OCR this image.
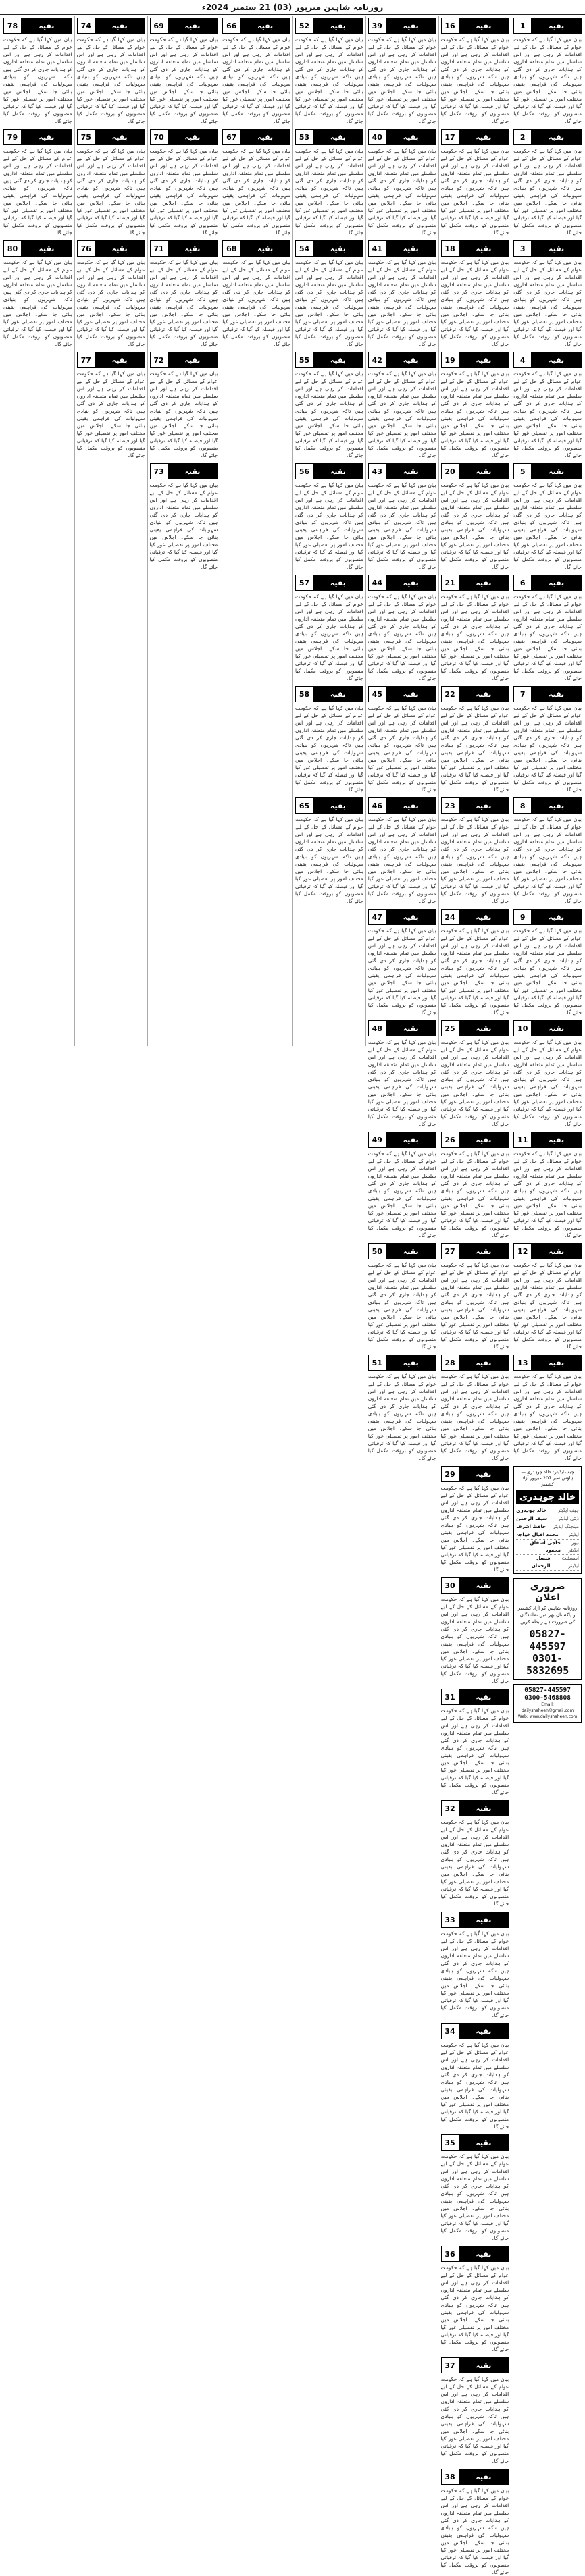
روزنامہ شاہین میرپور (03) 21 ستمبر 2024ء
1	بقیہ
بیان میں کہا گیا ہے کہ حکومت عوام کے مسائل کے حل کے لیے اقدامات کر رہی ہے اور اس سلسلے میں تمام متعلقہ اداروں کو ہدایات جاری کر دی گئی ہیں تاکہ شہریوں کو بنیادی سہولیات کی فراہمی یقینی بنائی جا سکے۔ اجلاس میں مختلف امور پر تفصیلی غور کیا گیا اور فیصلہ کیا گیا کہ ترقیاتی منصوبوں کو بروقت مکمل کیا جائے گا۔
2	بقیہ
بیان میں کہا گیا ہے کہ حکومت عوام کے مسائل کے حل کے لیے اقدامات کر رہی ہے اور اس سلسلے میں تمام متعلقہ اداروں کو ہدایات جاری کر دی گئی ہیں تاکہ شہریوں کو بنیادی سہولیات کی فراہمی یقینی بنائی جا سکے۔ اجلاس میں مختلف امور پر تفصیلی غور کیا گیا اور فیصلہ کیا گیا کہ ترقیاتی منصوبوں کو بروقت مکمل کیا جائے گا۔
3	بقیہ
بیان میں کہا گیا ہے کہ حکومت عوام کے مسائل کے حل کے لیے اقدامات کر رہی ہے اور اس سلسلے میں تمام متعلقہ اداروں کو ہدایات جاری کر دی گئی ہیں تاکہ شہریوں کو بنیادی سہولیات کی فراہمی یقینی بنائی جا سکے۔ اجلاس میں مختلف امور پر تفصیلی غور کیا گیا اور فیصلہ کیا گیا کہ ترقیاتی منصوبوں کو بروقت مکمل کیا جائے گا۔
4	بقیہ
بیان میں کہا گیا ہے کہ حکومت عوام کے مسائل کے حل کے لیے اقدامات کر رہی ہے اور اس سلسلے میں تمام متعلقہ اداروں کو ہدایات جاری کر دی گئی ہیں تاکہ شہریوں کو بنیادی سہولیات کی فراہمی یقینی بنائی جا سکے۔ اجلاس میں مختلف امور پر تفصیلی غور کیا گیا اور فیصلہ کیا گیا کہ ترقیاتی منصوبوں کو بروقت مکمل کیا جائے گا۔
5	بقیہ
بیان میں کہا گیا ہے کہ حکومت عوام کے مسائل کے حل کے لیے اقدامات کر رہی ہے اور اس سلسلے میں تمام متعلقہ اداروں کو ہدایات جاری کر دی گئی ہیں تاکہ شہریوں کو بنیادی سہولیات کی فراہمی یقینی بنائی جا سکے۔ اجلاس میں مختلف امور پر تفصیلی غور کیا گیا اور فیصلہ کیا گیا کہ ترقیاتی منصوبوں کو بروقت مکمل کیا جائے گا۔
6	بقیہ
بیان میں کہا گیا ہے کہ حکومت عوام کے مسائل کے حل کے لیے اقدامات کر رہی ہے اور اس سلسلے میں تمام متعلقہ اداروں کو ہدایات جاری کر دی گئی ہیں تاکہ شہریوں کو بنیادی سہولیات کی فراہمی یقینی بنائی جا سکے۔ اجلاس میں مختلف امور پر تفصیلی غور کیا گیا اور فیصلہ کیا گیا کہ ترقیاتی منصوبوں کو بروقت مکمل کیا جائے گا۔
7	بقیہ
بیان میں کہا گیا ہے کہ حکومت عوام کے مسائل کے حل کے لیے اقدامات کر رہی ہے اور اس سلسلے میں تمام متعلقہ اداروں کو ہدایات جاری کر دی گئی ہیں تاکہ شہریوں کو بنیادی سہولیات کی فراہمی یقینی بنائی جا سکے۔ اجلاس میں مختلف امور پر تفصیلی غور کیا گیا اور فیصلہ کیا گیا کہ ترقیاتی منصوبوں کو بروقت مکمل کیا جائے گا۔
8	بقیہ
بیان میں کہا گیا ہے کہ حکومت عوام کے مسائل کے حل کے لیے اقدامات کر رہی ہے اور اس سلسلے میں تمام متعلقہ اداروں کو ہدایات جاری کر دی گئی ہیں تاکہ شہریوں کو بنیادی سہولیات کی فراہمی یقینی بنائی جا سکے۔ اجلاس میں مختلف امور پر تفصیلی غور کیا گیا اور فیصلہ کیا گیا کہ ترقیاتی منصوبوں کو بروقت مکمل کیا جائے گا۔
9	بقیہ
بیان میں کہا گیا ہے کہ حکومت عوام کے مسائل کے حل کے لیے اقدامات کر رہی ہے اور اس سلسلے میں تمام متعلقہ اداروں کو ہدایات جاری کر دی گئی ہیں تاکہ شہریوں کو بنیادی سہولیات کی فراہمی یقینی بنائی جا سکے۔ اجلاس میں مختلف امور پر تفصیلی غور کیا گیا اور فیصلہ کیا گیا کہ ترقیاتی منصوبوں کو بروقت مکمل کیا جائے گا۔
10	بقیہ
بیان میں کہا گیا ہے کہ حکومت عوام کے مسائل کے حل کے لیے اقدامات کر رہی ہے اور اس سلسلے میں تمام متعلقہ اداروں کو ہدایات جاری کر دی گئی ہیں تاکہ شہریوں کو بنیادی سہولیات کی فراہمی یقینی بنائی جا سکے۔ اجلاس میں مختلف امور پر تفصیلی غور کیا گیا اور فیصلہ کیا گیا کہ ترقیاتی منصوبوں کو بروقت مکمل کیا جائے گا۔
11	بقیہ
بیان میں کہا گیا ہے کہ حکومت عوام کے مسائل کے حل کے لیے اقدامات کر رہی ہے اور اس سلسلے میں تمام متعلقہ اداروں کو ہدایات جاری کر دی گئی ہیں تاکہ شہریوں کو بنیادی سہولیات کی فراہمی یقینی بنائی جا سکے۔ اجلاس میں مختلف امور پر تفصیلی غور کیا گیا اور فیصلہ کیا گیا کہ ترقیاتی منصوبوں کو بروقت مکمل کیا جائے گا۔
12	بقیہ
بیان میں کہا گیا ہے کہ حکومت عوام کے مسائل کے حل کے لیے اقدامات کر رہی ہے اور اس سلسلے میں تمام متعلقہ اداروں کو ہدایات جاری کر دی گئی ہیں تاکہ شہریوں کو بنیادی سہولیات کی فراہمی یقینی بنائی جا سکے۔ اجلاس میں مختلف امور پر تفصیلی غور کیا گیا اور فیصلہ کیا گیا کہ ترقیاتی منصوبوں کو بروقت مکمل کیا جائے گا۔
13	بقیہ
بیان میں کہا گیا ہے کہ حکومت عوام کے مسائل کے حل کے لیے اقدامات کر رہی ہے اور اس سلسلے میں تمام متعلقہ اداروں کو ہدایات جاری کر دی گئی ہیں تاکہ شہریوں کو بنیادی سہولیات کی فراہمی یقینی بنائی جا سکے۔ اجلاس میں مختلف امور پر تفصیلی غور کیا گیا اور فیصلہ کیا گیا کہ ترقیاتی منصوبوں کو بروقت مکمل کیا جائے گا۔
چیف ایڈیٹر: خالد چوہدری — ہاؤس نمبر 207 میرپور آزاد کشمیر
خالد چوہدری
چیف ایڈیٹر
خالد چوہدری
ڈپٹی ایڈیٹر
سیف الرحمن
مینجنگ ایڈیٹر
حافظ اشرف
ایڈیٹر
محمد اقبال خواجہ
نیوز ایڈیٹر
حاجی اشفاق محمود
اسسٹنٹ ایڈیٹر
فیصل الرحمان
ضروری اعلان
روزنامہ شاہین کو آزاد کشمیر و پاکستان بھر میں نمائندگان کی ضرورت ہے رابطہ کریں
05827-445597
0301-5832695
05827-445597
0300-5468808
Email: dailyshaheen@gmail.com
Web: www.dailyshaheen.com
16	بقیہ
بیان میں کہا گیا ہے کہ حکومت عوام کے مسائل کے حل کے لیے اقدامات کر رہی ہے اور اس سلسلے میں تمام متعلقہ اداروں کو ہدایات جاری کر دی گئی ہیں تاکہ شہریوں کو بنیادی سہولیات کی فراہمی یقینی بنائی جا سکے۔ اجلاس میں مختلف امور پر تفصیلی غور کیا گیا اور فیصلہ کیا گیا کہ ترقیاتی منصوبوں کو بروقت مکمل کیا جائے گا۔
17	بقیہ
بیان میں کہا گیا ہے کہ حکومت عوام کے مسائل کے حل کے لیے اقدامات کر رہی ہے اور اس سلسلے میں تمام متعلقہ اداروں کو ہدایات جاری کر دی گئی ہیں تاکہ شہریوں کو بنیادی سہولیات کی فراہمی یقینی بنائی جا سکے۔ اجلاس میں مختلف امور پر تفصیلی غور کیا گیا اور فیصلہ کیا گیا کہ ترقیاتی منصوبوں کو بروقت مکمل کیا جائے گا۔
18	بقیہ
بیان میں کہا گیا ہے کہ حکومت عوام کے مسائل کے حل کے لیے اقدامات کر رہی ہے اور اس سلسلے میں تمام متعلقہ اداروں کو ہدایات جاری کر دی گئی ہیں تاکہ شہریوں کو بنیادی سہولیات کی فراہمی یقینی بنائی جا سکے۔ اجلاس میں مختلف امور پر تفصیلی غور کیا گیا اور فیصلہ کیا گیا کہ ترقیاتی منصوبوں کو بروقت مکمل کیا جائے گا۔
19	بقیہ
بیان میں کہا گیا ہے کہ حکومت عوام کے مسائل کے حل کے لیے اقدامات کر رہی ہے اور اس سلسلے میں تمام متعلقہ اداروں کو ہدایات جاری کر دی گئی ہیں تاکہ شہریوں کو بنیادی سہولیات کی فراہمی یقینی بنائی جا سکے۔ اجلاس میں مختلف امور پر تفصیلی غور کیا گیا اور فیصلہ کیا گیا کہ ترقیاتی منصوبوں کو بروقت مکمل کیا جائے گا۔
20	بقیہ
بیان میں کہا گیا ہے کہ حکومت عوام کے مسائل کے حل کے لیے اقدامات کر رہی ہے اور اس سلسلے میں تمام متعلقہ اداروں کو ہدایات جاری کر دی گئی ہیں تاکہ شہریوں کو بنیادی سہولیات کی فراہمی یقینی بنائی جا سکے۔ اجلاس میں مختلف امور پر تفصیلی غور کیا گیا اور فیصلہ کیا گیا کہ ترقیاتی منصوبوں کو بروقت مکمل کیا جائے گا۔
21	بقیہ
بیان میں کہا گیا ہے کہ حکومت عوام کے مسائل کے حل کے لیے اقدامات کر رہی ہے اور اس سلسلے میں تمام متعلقہ اداروں کو ہدایات جاری کر دی گئی ہیں تاکہ شہریوں کو بنیادی سہولیات کی فراہمی یقینی بنائی جا سکے۔ اجلاس میں مختلف امور پر تفصیلی غور کیا گیا اور فیصلہ کیا گیا کہ ترقیاتی منصوبوں کو بروقت مکمل کیا جائے گا۔
22	بقیہ
بیان میں کہا گیا ہے کہ حکومت عوام کے مسائل کے حل کے لیے اقدامات کر رہی ہے اور اس سلسلے میں تمام متعلقہ اداروں کو ہدایات جاری کر دی گئی ہیں تاکہ شہریوں کو بنیادی سہولیات کی فراہمی یقینی بنائی جا سکے۔ اجلاس میں مختلف امور پر تفصیلی غور کیا گیا اور فیصلہ کیا گیا کہ ترقیاتی منصوبوں کو بروقت مکمل کیا جائے گا۔
23	بقیہ
بیان میں کہا گیا ہے کہ حکومت عوام کے مسائل کے حل کے لیے اقدامات کر رہی ہے اور اس سلسلے میں تمام متعلقہ اداروں کو ہدایات جاری کر دی گئی ہیں تاکہ شہریوں کو بنیادی سہولیات کی فراہمی یقینی بنائی جا سکے۔ اجلاس میں مختلف امور پر تفصیلی غور کیا گیا اور فیصلہ کیا گیا کہ ترقیاتی منصوبوں کو بروقت مکمل کیا جائے گا۔
24	بقیہ
بیان میں کہا گیا ہے کہ حکومت عوام کے مسائل کے حل کے لیے اقدامات کر رہی ہے اور اس سلسلے میں تمام متعلقہ اداروں کو ہدایات جاری کر دی گئی ہیں تاکہ شہریوں کو بنیادی سہولیات کی فراہمی یقینی بنائی جا سکے۔ اجلاس میں مختلف امور پر تفصیلی غور کیا گیا اور فیصلہ کیا گیا کہ ترقیاتی منصوبوں کو بروقت مکمل کیا جائے گا۔
25	بقیہ
بیان میں کہا گیا ہے کہ حکومت عوام کے مسائل کے حل کے لیے اقدامات کر رہی ہے اور اس سلسلے میں تمام متعلقہ اداروں کو ہدایات جاری کر دی گئی ہیں تاکہ شہریوں کو بنیادی سہولیات کی فراہمی یقینی بنائی جا سکے۔ اجلاس میں مختلف امور پر تفصیلی غور کیا گیا اور فیصلہ کیا گیا کہ ترقیاتی منصوبوں کو بروقت مکمل کیا جائے گا۔
26	بقیہ
بیان میں کہا گیا ہے کہ حکومت عوام کے مسائل کے حل کے لیے اقدامات کر رہی ہے اور اس سلسلے میں تمام متعلقہ اداروں کو ہدایات جاری کر دی گئی ہیں تاکہ شہریوں کو بنیادی سہولیات کی فراہمی یقینی بنائی جا سکے۔ اجلاس میں مختلف امور پر تفصیلی غور کیا گیا اور فیصلہ کیا گیا کہ ترقیاتی منصوبوں کو بروقت مکمل کیا جائے گا۔
27	بقیہ
بیان میں کہا گیا ہے کہ حکومت عوام کے مسائل کے حل کے لیے اقدامات کر رہی ہے اور اس سلسلے میں تمام متعلقہ اداروں کو ہدایات جاری کر دی گئی ہیں تاکہ شہریوں کو بنیادی سہولیات کی فراہمی یقینی بنائی جا سکے۔ اجلاس میں مختلف امور پر تفصیلی غور کیا گیا اور فیصلہ کیا گیا کہ ترقیاتی منصوبوں کو بروقت مکمل کیا جائے گا۔
28	بقیہ
بیان میں کہا گیا ہے کہ حکومت عوام کے مسائل کے حل کے لیے اقدامات کر رہی ہے اور اس سلسلے میں تمام متعلقہ اداروں کو ہدایات جاری کر دی گئی ہیں تاکہ شہریوں کو بنیادی سہولیات کی فراہمی یقینی بنائی جا سکے۔ اجلاس میں مختلف امور پر تفصیلی غور کیا گیا اور فیصلہ کیا گیا کہ ترقیاتی منصوبوں کو بروقت مکمل کیا جائے گا۔
29	بقیہ
بیان میں کہا گیا ہے کہ حکومت عوام کے مسائل کے حل کے لیے اقدامات کر رہی ہے اور اس سلسلے میں تمام متعلقہ اداروں کو ہدایات جاری کر دی گئی ہیں تاکہ شہریوں کو بنیادی سہولیات کی فراہمی یقینی بنائی جا سکے۔ اجلاس میں مختلف امور پر تفصیلی غور کیا گیا اور فیصلہ کیا گیا کہ ترقیاتی منصوبوں کو بروقت مکمل کیا جائے گا۔
30	بقیہ
بیان میں کہا گیا ہے کہ حکومت عوام کے مسائل کے حل کے لیے اقدامات کر رہی ہے اور اس سلسلے میں تمام متعلقہ اداروں کو ہدایات جاری کر دی گئی ہیں تاکہ شہریوں کو بنیادی سہولیات کی فراہمی یقینی بنائی جا سکے۔ اجلاس میں مختلف امور پر تفصیلی غور کیا گیا اور فیصلہ کیا گیا کہ ترقیاتی منصوبوں کو بروقت مکمل کیا جائے گا۔
31	بقیہ
بیان میں کہا گیا ہے کہ حکومت عوام کے مسائل کے حل کے لیے اقدامات کر رہی ہے اور اس سلسلے میں تمام متعلقہ اداروں کو ہدایات جاری کر دی گئی ہیں تاکہ شہریوں کو بنیادی سہولیات کی فراہمی یقینی بنائی جا سکے۔ اجلاس میں مختلف امور پر تفصیلی غور کیا گیا اور فیصلہ کیا گیا کہ ترقیاتی منصوبوں کو بروقت مکمل کیا جائے گا۔
32	بقیہ
بیان میں کہا گیا ہے کہ حکومت عوام کے مسائل کے حل کے لیے اقدامات کر رہی ہے اور اس سلسلے میں تمام متعلقہ اداروں کو ہدایات جاری کر دی گئی ہیں تاکہ شہریوں کو بنیادی سہولیات کی فراہمی یقینی بنائی جا سکے۔ اجلاس میں مختلف امور پر تفصیلی غور کیا گیا اور فیصلہ کیا گیا کہ ترقیاتی منصوبوں کو بروقت مکمل کیا جائے گا۔
33	بقیہ
بیان میں کہا گیا ہے کہ حکومت عوام کے مسائل کے حل کے لیے اقدامات کر رہی ہے اور اس سلسلے میں تمام متعلقہ اداروں کو ہدایات جاری کر دی گئی ہیں تاکہ شہریوں کو بنیادی سہولیات کی فراہمی یقینی بنائی جا سکے۔ اجلاس میں مختلف امور پر تفصیلی غور کیا گیا اور فیصلہ کیا گیا کہ ترقیاتی منصوبوں کو بروقت مکمل کیا جائے گا۔
34	بقیہ
بیان میں کہا گیا ہے کہ حکومت عوام کے مسائل کے حل کے لیے اقدامات کر رہی ہے اور اس سلسلے میں تمام متعلقہ اداروں کو ہدایات جاری کر دی گئی ہیں تاکہ شہریوں کو بنیادی سہولیات کی فراہمی یقینی بنائی جا سکے۔ اجلاس میں مختلف امور پر تفصیلی غور کیا گیا اور فیصلہ کیا گیا کہ ترقیاتی منصوبوں کو بروقت مکمل کیا جائے گا۔
35	بقیہ
بیان میں کہا گیا ہے کہ حکومت عوام کے مسائل کے حل کے لیے اقدامات کر رہی ہے اور اس سلسلے میں تمام متعلقہ اداروں کو ہدایات جاری کر دی گئی ہیں تاکہ شہریوں کو بنیادی سہولیات کی فراہمی یقینی بنائی جا سکے۔ اجلاس میں مختلف امور پر تفصیلی غور کیا گیا اور فیصلہ کیا گیا کہ ترقیاتی منصوبوں کو بروقت مکمل کیا جائے گا۔
36	بقیہ
بیان میں کہا گیا ہے کہ حکومت عوام کے مسائل کے حل کے لیے اقدامات کر رہی ہے اور اس سلسلے میں تمام متعلقہ اداروں کو ہدایات جاری کر دی گئی ہیں تاکہ شہریوں کو بنیادی سہولیات کی فراہمی یقینی بنائی جا سکے۔ اجلاس میں مختلف امور پر تفصیلی غور کیا گیا اور فیصلہ کیا گیا کہ ترقیاتی منصوبوں کو بروقت مکمل کیا جائے گا۔
37	بقیہ
بیان میں کہا گیا ہے کہ حکومت عوام کے مسائل کے حل کے لیے اقدامات کر رہی ہے اور اس سلسلے میں تمام متعلقہ اداروں کو ہدایات جاری کر دی گئی ہیں تاکہ شہریوں کو بنیادی سہولیات کی فراہمی یقینی بنائی جا سکے۔ اجلاس میں مختلف امور پر تفصیلی غور کیا گیا اور فیصلہ کیا گیا کہ ترقیاتی منصوبوں کو بروقت مکمل کیا جائے گا۔
38	بقیہ
بیان میں کہا گیا ہے کہ حکومت عوام کے مسائل کے حل کے لیے اقدامات کر رہی ہے اور اس سلسلے میں تمام متعلقہ اداروں کو ہدایات جاری کر دی گئی ہیں تاکہ شہریوں کو بنیادی سہولیات کی فراہمی یقینی بنائی جا سکے۔ اجلاس میں مختلف امور پر تفصیلی غور کیا گیا اور فیصلہ کیا گیا کہ ترقیاتی منصوبوں کو بروقت مکمل کیا جائے گا۔
39	بقیہ
بیان میں کہا گیا ہے کہ حکومت عوام کے مسائل کے حل کے لیے اقدامات کر رہی ہے اور اس سلسلے میں تمام متعلقہ اداروں کو ہدایات جاری کر دی گئی ہیں تاکہ شہریوں کو بنیادی سہولیات کی فراہمی یقینی بنائی جا سکے۔ اجلاس میں مختلف امور پر تفصیلی غور کیا گیا اور فیصلہ کیا گیا کہ ترقیاتی منصوبوں کو بروقت مکمل کیا جائے گا۔
40	بقیہ
بیان میں کہا گیا ہے کہ حکومت عوام کے مسائل کے حل کے لیے اقدامات کر رہی ہے اور اس سلسلے میں تمام متعلقہ اداروں کو ہدایات جاری کر دی گئی ہیں تاکہ شہریوں کو بنیادی سہولیات کی فراہمی یقینی بنائی جا سکے۔ اجلاس میں مختلف امور پر تفصیلی غور کیا گیا اور فیصلہ کیا گیا کہ ترقیاتی منصوبوں کو بروقت مکمل کیا جائے گا۔
41	بقیہ
بیان میں کہا گیا ہے کہ حکومت عوام کے مسائل کے حل کے لیے اقدامات کر رہی ہے اور اس سلسلے میں تمام متعلقہ اداروں کو ہدایات جاری کر دی گئی ہیں تاکہ شہریوں کو بنیادی سہولیات کی فراہمی یقینی بنائی جا سکے۔ اجلاس میں مختلف امور پر تفصیلی غور کیا گیا اور فیصلہ کیا گیا کہ ترقیاتی منصوبوں کو بروقت مکمل کیا جائے گا۔
42	بقیہ
بیان میں کہا گیا ہے کہ حکومت عوام کے مسائل کے حل کے لیے اقدامات کر رہی ہے اور اس سلسلے میں تمام متعلقہ اداروں کو ہدایات جاری کر دی گئی ہیں تاکہ شہریوں کو بنیادی سہولیات کی فراہمی یقینی بنائی جا سکے۔ اجلاس میں مختلف امور پر تفصیلی غور کیا گیا اور فیصلہ کیا گیا کہ ترقیاتی منصوبوں کو بروقت مکمل کیا جائے گا۔
43	بقیہ
بیان میں کہا گیا ہے کہ حکومت عوام کے مسائل کے حل کے لیے اقدامات کر رہی ہے اور اس سلسلے میں تمام متعلقہ اداروں کو ہدایات جاری کر دی گئی ہیں تاکہ شہریوں کو بنیادی سہولیات کی فراہمی یقینی بنائی جا سکے۔ اجلاس میں مختلف امور پر تفصیلی غور کیا گیا اور فیصلہ کیا گیا کہ ترقیاتی منصوبوں کو بروقت مکمل کیا جائے گا۔
44	بقیہ
بیان میں کہا گیا ہے کہ حکومت عوام کے مسائل کے حل کے لیے اقدامات کر رہی ہے اور اس سلسلے میں تمام متعلقہ اداروں کو ہدایات جاری کر دی گئی ہیں تاکہ شہریوں کو بنیادی سہولیات کی فراہمی یقینی بنائی جا سکے۔ اجلاس میں مختلف امور پر تفصیلی غور کیا گیا اور فیصلہ کیا گیا کہ ترقیاتی منصوبوں کو بروقت مکمل کیا جائے گا۔
45	بقیہ
بیان میں کہا گیا ہے کہ حکومت عوام کے مسائل کے حل کے لیے اقدامات کر رہی ہے اور اس سلسلے میں تمام متعلقہ اداروں کو ہدایات جاری کر دی گئی ہیں تاکہ شہریوں کو بنیادی سہولیات کی فراہمی یقینی بنائی جا سکے۔ اجلاس میں مختلف امور پر تفصیلی غور کیا گیا اور فیصلہ کیا گیا کہ ترقیاتی منصوبوں کو بروقت مکمل کیا جائے گا۔
46	بقیہ
بیان میں کہا گیا ہے کہ حکومت عوام کے مسائل کے حل کے لیے اقدامات کر رہی ہے اور اس سلسلے میں تمام متعلقہ اداروں کو ہدایات جاری کر دی گئی ہیں تاکہ شہریوں کو بنیادی سہولیات کی فراہمی یقینی بنائی جا سکے۔ اجلاس میں مختلف امور پر تفصیلی غور کیا گیا اور فیصلہ کیا گیا کہ ترقیاتی منصوبوں کو بروقت مکمل کیا جائے گا۔
47	بقیہ
بیان میں کہا گیا ہے کہ حکومت عوام کے مسائل کے حل کے لیے اقدامات کر رہی ہے اور اس سلسلے میں تمام متعلقہ اداروں کو ہدایات جاری کر دی گئی ہیں تاکہ شہریوں کو بنیادی سہولیات کی فراہمی یقینی بنائی جا سکے۔ اجلاس میں مختلف امور پر تفصیلی غور کیا گیا اور فیصلہ کیا گیا کہ ترقیاتی منصوبوں کو بروقت مکمل کیا جائے گا۔
48	بقیہ
بیان میں کہا گیا ہے کہ حکومت عوام کے مسائل کے حل کے لیے اقدامات کر رہی ہے اور اس سلسلے میں تمام متعلقہ اداروں کو ہدایات جاری کر دی گئی ہیں تاکہ شہریوں کو بنیادی سہولیات کی فراہمی یقینی بنائی جا سکے۔ اجلاس میں مختلف امور پر تفصیلی غور کیا گیا اور فیصلہ کیا گیا کہ ترقیاتی منصوبوں کو بروقت مکمل کیا جائے گا۔
49	بقیہ
بیان میں کہا گیا ہے کہ حکومت عوام کے مسائل کے حل کے لیے اقدامات کر رہی ہے اور اس سلسلے میں تمام متعلقہ اداروں کو ہدایات جاری کر دی گئی ہیں تاکہ شہریوں کو بنیادی سہولیات کی فراہمی یقینی بنائی جا سکے۔ اجلاس میں مختلف امور پر تفصیلی غور کیا گیا اور فیصلہ کیا گیا کہ ترقیاتی منصوبوں کو بروقت مکمل کیا جائے گا۔
50	بقیہ
بیان میں کہا گیا ہے کہ حکومت عوام کے مسائل کے حل کے لیے اقدامات کر رہی ہے اور اس سلسلے میں تمام متعلقہ اداروں کو ہدایات جاری کر دی گئی ہیں تاکہ شہریوں کو بنیادی سہولیات کی فراہمی یقینی بنائی جا سکے۔ اجلاس میں مختلف امور پر تفصیلی غور کیا گیا اور فیصلہ کیا گیا کہ ترقیاتی منصوبوں کو بروقت مکمل کیا جائے گا۔
51	بقیہ
بیان میں کہا گیا ہے کہ حکومت عوام کے مسائل کے حل کے لیے اقدامات کر رہی ہے اور اس سلسلے میں تمام متعلقہ اداروں کو ہدایات جاری کر دی گئی ہیں تاکہ شہریوں کو بنیادی سہولیات کی فراہمی یقینی بنائی جا سکے۔ اجلاس میں مختلف امور پر تفصیلی غور کیا گیا اور فیصلہ کیا گیا کہ ترقیاتی منصوبوں کو بروقت مکمل کیا جائے گا۔
52	بقیہ
بیان میں کہا گیا ہے کہ حکومت عوام کے مسائل کے حل کے لیے اقدامات کر رہی ہے اور اس سلسلے میں تمام متعلقہ اداروں کو ہدایات جاری کر دی گئی ہیں تاکہ شہریوں کو بنیادی سہولیات کی فراہمی یقینی بنائی جا سکے۔ اجلاس میں مختلف امور پر تفصیلی غور کیا گیا اور فیصلہ کیا گیا کہ ترقیاتی منصوبوں کو بروقت مکمل کیا جائے گا۔
53	بقیہ
بیان میں کہا گیا ہے کہ حکومت عوام کے مسائل کے حل کے لیے اقدامات کر رہی ہے اور اس سلسلے میں تمام متعلقہ اداروں کو ہدایات جاری کر دی گئی ہیں تاکہ شہریوں کو بنیادی سہولیات کی فراہمی یقینی بنائی جا سکے۔ اجلاس میں مختلف امور پر تفصیلی غور کیا گیا اور فیصلہ کیا گیا کہ ترقیاتی منصوبوں کو بروقت مکمل کیا جائے گا۔
54	بقیہ
بیان میں کہا گیا ہے کہ حکومت عوام کے مسائل کے حل کے لیے اقدامات کر رہی ہے اور اس سلسلے میں تمام متعلقہ اداروں کو ہدایات جاری کر دی گئی ہیں تاکہ شہریوں کو بنیادی سہولیات کی فراہمی یقینی بنائی جا سکے۔ اجلاس میں مختلف امور پر تفصیلی غور کیا گیا اور فیصلہ کیا گیا کہ ترقیاتی منصوبوں کو بروقت مکمل کیا جائے گا۔
55	بقیہ
بیان میں کہا گیا ہے کہ حکومت عوام کے مسائل کے حل کے لیے اقدامات کر رہی ہے اور اس سلسلے میں تمام متعلقہ اداروں کو ہدایات جاری کر دی گئی ہیں تاکہ شہریوں کو بنیادی سہولیات کی فراہمی یقینی بنائی جا سکے۔ اجلاس میں مختلف امور پر تفصیلی غور کیا گیا اور فیصلہ کیا گیا کہ ترقیاتی منصوبوں کو بروقت مکمل کیا جائے گا۔
56	بقیہ
بیان میں کہا گیا ہے کہ حکومت عوام کے مسائل کے حل کے لیے اقدامات کر رہی ہے اور اس سلسلے میں تمام متعلقہ اداروں کو ہدایات جاری کر دی گئی ہیں تاکہ شہریوں کو بنیادی سہولیات کی فراہمی یقینی بنائی جا سکے۔ اجلاس میں مختلف امور پر تفصیلی غور کیا گیا اور فیصلہ کیا گیا کہ ترقیاتی منصوبوں کو بروقت مکمل کیا جائے گا۔
57	بقیہ
بیان میں کہا گیا ہے کہ حکومت عوام کے مسائل کے حل کے لیے اقدامات کر رہی ہے اور اس سلسلے میں تمام متعلقہ اداروں کو ہدایات جاری کر دی گئی ہیں تاکہ شہریوں کو بنیادی سہولیات کی فراہمی یقینی بنائی جا سکے۔ اجلاس میں مختلف امور پر تفصیلی غور کیا گیا اور فیصلہ کیا گیا کہ ترقیاتی منصوبوں کو بروقت مکمل کیا جائے گا۔
58	بقیہ
بیان میں کہا گیا ہے کہ حکومت عوام کے مسائل کے حل کے لیے اقدامات کر رہی ہے اور اس سلسلے میں تمام متعلقہ اداروں کو ہدایات جاری کر دی گئی ہیں تاکہ شہریوں کو بنیادی سہولیات کی فراہمی یقینی بنائی جا سکے۔ اجلاس میں مختلف امور پر تفصیلی غور کیا گیا اور فیصلہ کیا گیا کہ ترقیاتی منصوبوں کو بروقت مکمل کیا جائے گا۔
65	بقیہ
بیان میں کہا گیا ہے کہ حکومت عوام کے مسائل کے حل کے لیے اقدامات کر رہی ہے اور اس سلسلے میں تمام متعلقہ اداروں کو ہدایات جاری کر دی گئی ہیں تاکہ شہریوں کو بنیادی سہولیات کی فراہمی یقینی بنائی جا سکے۔ اجلاس میں مختلف امور پر تفصیلی غور کیا گیا اور فیصلہ کیا گیا کہ ترقیاتی منصوبوں کو بروقت مکمل کیا جائے گا۔
66	بقیہ
بیان میں کہا گیا ہے کہ حکومت عوام کے مسائل کے حل کے لیے اقدامات کر رہی ہے اور اس سلسلے میں تمام متعلقہ اداروں کو ہدایات جاری کر دی گئی ہیں تاکہ شہریوں کو بنیادی سہولیات کی فراہمی یقینی بنائی جا سکے۔ اجلاس میں مختلف امور پر تفصیلی غور کیا گیا اور فیصلہ کیا گیا کہ ترقیاتی منصوبوں کو بروقت مکمل کیا جائے گا۔
67	بقیہ
بیان میں کہا گیا ہے کہ حکومت عوام کے مسائل کے حل کے لیے اقدامات کر رہی ہے اور اس سلسلے میں تمام متعلقہ اداروں کو ہدایات جاری کر دی گئی ہیں تاکہ شہریوں کو بنیادی سہولیات کی فراہمی یقینی بنائی جا سکے۔ اجلاس میں مختلف امور پر تفصیلی غور کیا گیا اور فیصلہ کیا گیا کہ ترقیاتی منصوبوں کو بروقت مکمل کیا جائے گا۔
68	بقیہ
بیان میں کہا گیا ہے کہ حکومت عوام کے مسائل کے حل کے لیے اقدامات کر رہی ہے اور اس سلسلے میں تمام متعلقہ اداروں کو ہدایات جاری کر دی گئی ہیں تاکہ شہریوں کو بنیادی سہولیات کی فراہمی یقینی بنائی جا سکے۔ اجلاس میں مختلف امور پر تفصیلی غور کیا گیا اور فیصلہ کیا گیا کہ ترقیاتی منصوبوں کو بروقت مکمل کیا جائے گا۔
69	بقیہ
بیان میں کہا گیا ہے کہ حکومت عوام کے مسائل کے حل کے لیے اقدامات کر رہی ہے اور اس سلسلے میں تمام متعلقہ اداروں کو ہدایات جاری کر دی گئی ہیں تاکہ شہریوں کو بنیادی سہولیات کی فراہمی یقینی بنائی جا سکے۔ اجلاس میں مختلف امور پر تفصیلی غور کیا گیا اور فیصلہ کیا گیا کہ ترقیاتی منصوبوں کو بروقت مکمل کیا جائے گا۔
70	بقیہ
بیان میں کہا گیا ہے کہ حکومت عوام کے مسائل کے حل کے لیے اقدامات کر رہی ہے اور اس سلسلے میں تمام متعلقہ اداروں کو ہدایات جاری کر دی گئی ہیں تاکہ شہریوں کو بنیادی سہولیات کی فراہمی یقینی بنائی جا سکے۔ اجلاس میں مختلف امور پر تفصیلی غور کیا گیا اور فیصلہ کیا گیا کہ ترقیاتی منصوبوں کو بروقت مکمل کیا جائے گا۔
71	بقیہ
بیان میں کہا گیا ہے کہ حکومت عوام کے مسائل کے حل کے لیے اقدامات کر رہی ہے اور اس سلسلے میں تمام متعلقہ اداروں کو ہدایات جاری کر دی گئی ہیں تاکہ شہریوں کو بنیادی سہولیات کی فراہمی یقینی بنائی جا سکے۔ اجلاس میں مختلف امور پر تفصیلی غور کیا گیا اور فیصلہ کیا گیا کہ ترقیاتی منصوبوں کو بروقت مکمل کیا جائے گا۔
72	بقیہ
بیان میں کہا گیا ہے کہ حکومت عوام کے مسائل کے حل کے لیے اقدامات کر رہی ہے اور اس سلسلے میں تمام متعلقہ اداروں کو ہدایات جاری کر دی گئی ہیں تاکہ شہریوں کو بنیادی سہولیات کی فراہمی یقینی بنائی جا سکے۔ اجلاس میں مختلف امور پر تفصیلی غور کیا گیا اور فیصلہ کیا گیا کہ ترقیاتی منصوبوں کو بروقت مکمل کیا جائے گا۔
73	بقیہ
بیان میں کہا گیا ہے کہ حکومت عوام کے مسائل کے حل کے لیے اقدامات کر رہی ہے اور اس سلسلے میں تمام متعلقہ اداروں کو ہدایات جاری کر دی گئی ہیں تاکہ شہریوں کو بنیادی سہولیات کی فراہمی یقینی بنائی جا سکے۔ اجلاس میں مختلف امور پر تفصیلی غور کیا گیا اور فیصلہ کیا گیا کہ ترقیاتی منصوبوں کو بروقت مکمل کیا جائے گا۔
74	بقیہ
بیان میں کہا گیا ہے کہ حکومت عوام کے مسائل کے حل کے لیے اقدامات کر رہی ہے اور اس سلسلے میں تمام متعلقہ اداروں کو ہدایات جاری کر دی گئی ہیں تاکہ شہریوں کو بنیادی سہولیات کی فراہمی یقینی بنائی جا سکے۔ اجلاس میں مختلف امور پر تفصیلی غور کیا گیا اور فیصلہ کیا گیا کہ ترقیاتی منصوبوں کو بروقت مکمل کیا جائے گا۔
75	بقیہ
بیان میں کہا گیا ہے کہ حکومت عوام کے مسائل کے حل کے لیے اقدامات کر رہی ہے اور اس سلسلے میں تمام متعلقہ اداروں کو ہدایات جاری کر دی گئی ہیں تاکہ شہریوں کو بنیادی سہولیات کی فراہمی یقینی بنائی جا سکے۔ اجلاس میں مختلف امور پر تفصیلی غور کیا گیا اور فیصلہ کیا گیا کہ ترقیاتی منصوبوں کو بروقت مکمل کیا جائے گا۔
76	بقیہ
بیان میں کہا گیا ہے کہ حکومت عوام کے مسائل کے حل کے لیے اقدامات کر رہی ہے اور اس سلسلے میں تمام متعلقہ اداروں کو ہدایات جاری کر دی گئی ہیں تاکہ شہریوں کو بنیادی سہولیات کی فراہمی یقینی بنائی جا سکے۔ اجلاس میں مختلف امور پر تفصیلی غور کیا گیا اور فیصلہ کیا گیا کہ ترقیاتی منصوبوں کو بروقت مکمل کیا جائے گا۔
77	بقیہ
بیان میں کہا گیا ہے کہ حکومت عوام کے مسائل کے حل کے لیے اقدامات کر رہی ہے اور اس سلسلے میں تمام متعلقہ اداروں کو ہدایات جاری کر دی گئی ہیں تاکہ شہریوں کو بنیادی سہولیات کی فراہمی یقینی بنائی جا سکے۔ اجلاس میں مختلف امور پر تفصیلی غور کیا گیا اور فیصلہ کیا گیا کہ ترقیاتی منصوبوں کو بروقت مکمل کیا جائے گا۔
78	بقیہ
بیان میں کہا گیا ہے کہ حکومت عوام کے مسائل کے حل کے لیے اقدامات کر رہی ہے اور اس سلسلے میں تمام متعلقہ اداروں کو ہدایات جاری کر دی گئی ہیں تاکہ شہریوں کو بنیادی سہولیات کی فراہمی یقینی بنائی جا سکے۔ اجلاس میں مختلف امور پر تفصیلی غور کیا گیا اور فیصلہ کیا گیا کہ ترقیاتی منصوبوں کو بروقت مکمل کیا جائے گا۔
79	بقیہ
بیان میں کہا گیا ہے کہ حکومت عوام کے مسائل کے حل کے لیے اقدامات کر رہی ہے اور اس سلسلے میں تمام متعلقہ اداروں کو ہدایات جاری کر دی گئی ہیں تاکہ شہریوں کو بنیادی سہولیات کی فراہمی یقینی بنائی جا سکے۔ اجلاس میں مختلف امور پر تفصیلی غور کیا گیا اور فیصلہ کیا گیا کہ ترقیاتی منصوبوں کو بروقت مکمل کیا جائے گا۔
80	بقیہ
بیان میں کہا گیا ہے کہ حکومت عوام کے مسائل کے حل کے لیے اقدامات کر رہی ہے اور اس سلسلے میں تمام متعلقہ اداروں کو ہدایات جاری کر دی گئی ہیں تاکہ شہریوں کو بنیادی سہولیات کی فراہمی یقینی بنائی جا سکے۔ اجلاس میں مختلف امور پر تفصیلی غور کیا گیا اور فیصلہ کیا گیا کہ ترقیاتی منصوبوں کو بروقت مکمل کیا جائے گا۔
